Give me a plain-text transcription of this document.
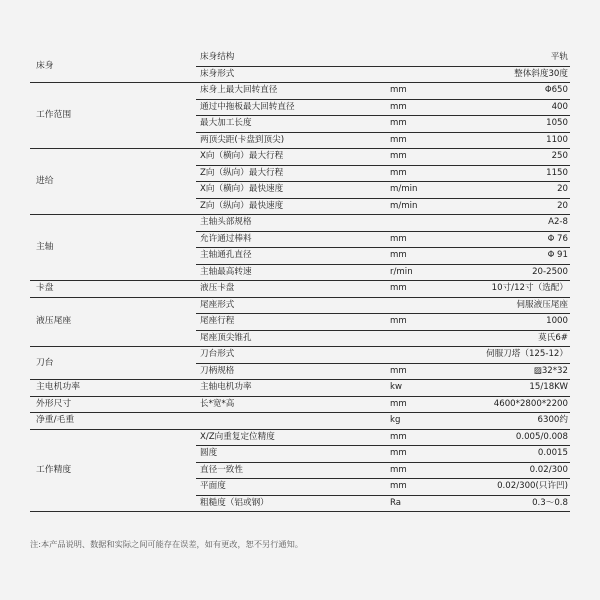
床身	床身结构		平轨
	床身形式		整体斜度30度
工作范围	床身上最大回转直径	mm	Φ650
	通过中拖板最大回转直径	mm	400
	最大加工长度	mm	1050
	两顶尖距(卡盘到顶尖)	mm	1100
进给	X向（横向）最大行程	mm	250
	Z向（纵向）最大行程	mm	1150
	X向（横向）最快速度	m/min	20
	Z向（纵向）最快速度	m/min	20
主轴	主轴头部规格		A2-8
	允许通过棒料	mm	Φ 76
	主轴通孔直径	mm	Φ 91
	主轴最高转速	r/min	20-2500
卡盘	液压卡盘	mm	10寸/12寸（选配）
液压尾座	尾座形式		伺服液压尾座
	尾座行程	mm	1000
	尾座顶尖锥孔		莫氏6#
刀台	刀台形式		伺服刀塔（125-12）
	刀柄规格	mm	▨32*32
主电机功率	主轴电机功率	kw	15/18KW
外形尺寸	长*宽*高	mm	4600*2800*2200
净重/毛重		kg	6300约
工作精度	X/Z向重复定位精度	mm	0.005/0.008
	圆度	mm	0.0015
	直径一致性	mm	0.02/300
	平面度	mm	0.02/300(只许凹)
	粗糙度（铝或钢）	Ra	0.3～0.8
注:本产品说明、数据和实际之间可能存在误差，如有更改，恕不另行通知。
